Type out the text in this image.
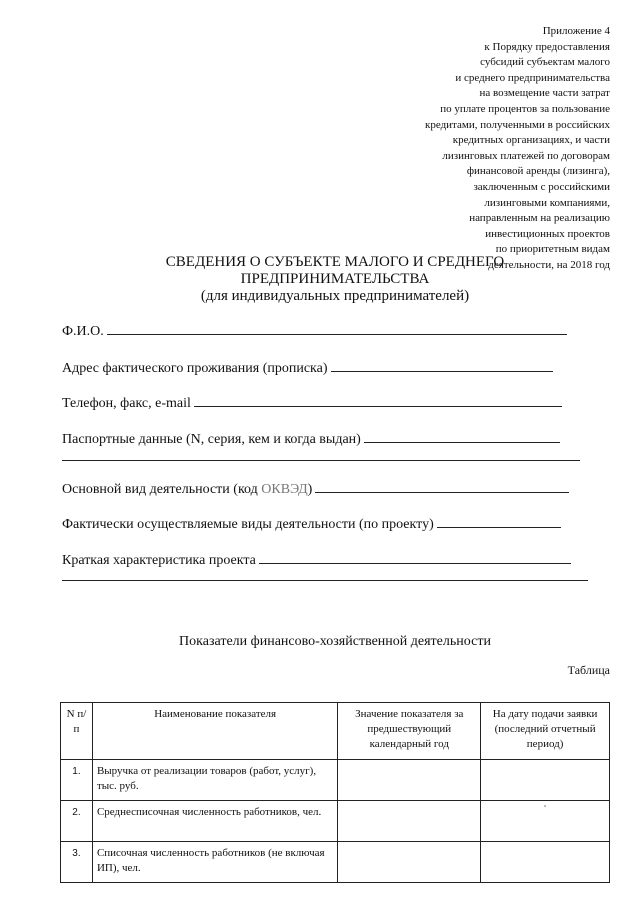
Приложение 4
к Порядку предоставления
субсидий субъектам малого
и среднего предпринимательства
на возмещение части затрат
по уплате процентов за пользование
кредитами, полученными в российских
кредитных организациях, и части
лизинговых платежей по договорам
финансовой аренды (лизинга),
заключенным с российскими
лизинговыми компаниями,
направленным на реализацию
инвестиционных проектов
по приоритетным видам
деятельности, на 2018 год
СВЕДЕНИЯ О СУБЪЕКТЕ МАЛОГО И СРЕДНЕГО
ПРЕДПРИНИМАТЕЛЬСТВА
(для индивидуальных предпринимателей)
Ф.И.О.
Адрес фактического проживания (прописка)
Телефон, факс, e-mail
Паспортные данные (N, серия, кем и когда выдан)
Основной вид деятельности (код ОКВЭД)
Фактически осуществляемые виды деятельности (по проекту)
Краткая характеристика проекта
Показатели финансово-хозяйственной деятельности
Таблица
N п/п	Наименование показателя	Значение показателя за предшествующий календарный год	На дату подачи заявки (последний отчетный период)
1.	Выручка от реализации товаров (работ, услуг), тыс. руб.		
2.	Среднесписочная численность работников, чел.		˚

3.	Списочная численность работников (не включая ИП), чел.		
